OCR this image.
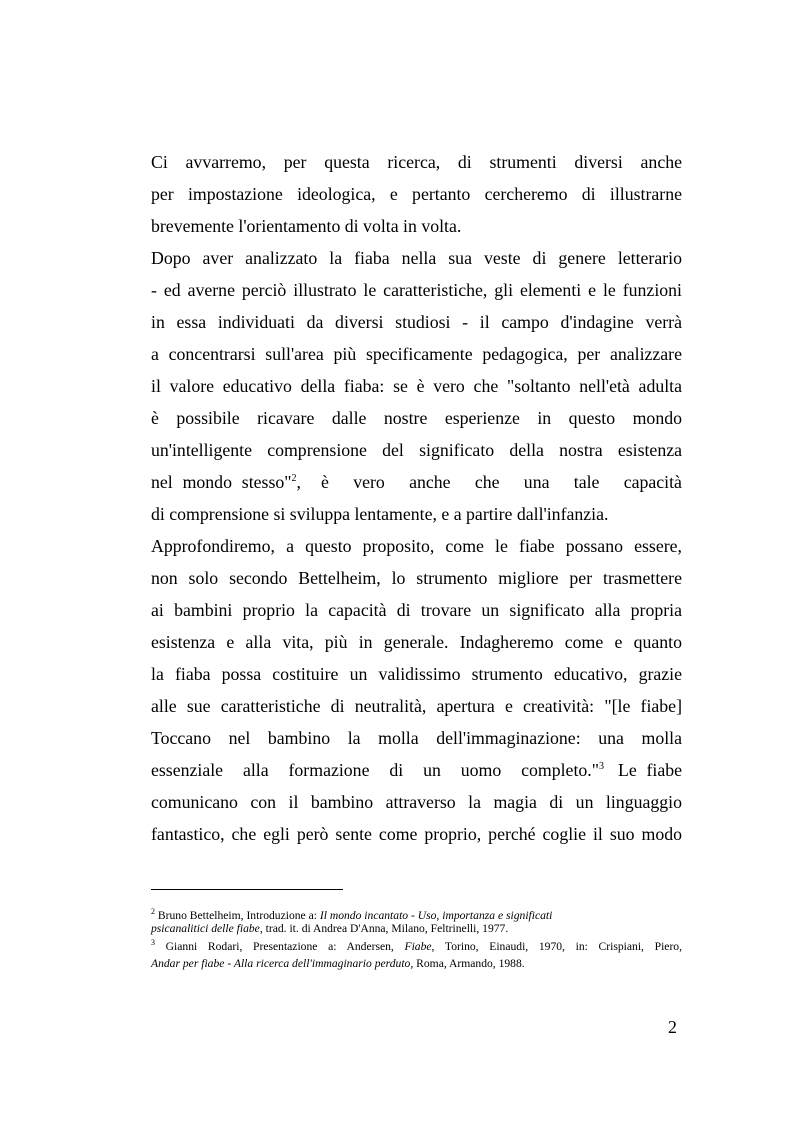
Ci avvarremo, per questa ricerca, di strumenti diversi anche
per impostazione ideologica, e pertanto cercheremo di illustrarne
brevemente l'orientamento di volta in volta.
Dopo aver analizzato la fiaba nella sua veste di genere letterario
- ed averne perciò illustrato le caratteristiche, gli elementi e le funzioni
in essa individuati da diversi studiosi - il campo d'indagine verrà
a concentrarsi sull'area più specificamente pedagogica, per analizzare
il valore educativo della fiaba: se è vero che "soltanto nell'età adulta
è possibile ricavare dalle nostre esperienze in questo mondo
un'intelligente comprensione del significato della nostra esistenza
nel mondo stesso"$^2$, è vero anche che una tale capacità
di comprensione si sviluppa lentamente, e a partire dall'infanzia.
Approfondiremo, a questo proposito, come le fiabe possano essere,
non solo secondo Bettelheim, lo strumento migliore per trasmettere
ai bambini proprio la capacità di trovare un significato alla propria
esistenza e alla vita, più in generale. Indagheremo come e quanto
la fiaba possa costituire un validissimo strumento educativo, grazie
alle sue caratteristiche di neutralità, apertura e creatività: "[le fiabe]
Toccano nel bambino la molla dell'immaginazione: una molla
essenziale alla formazione di un uomo completo."$^3$ Le fiabe
comunicano con il bambino attraverso la magia di un linguaggio
fantastico, che egli però sente come proprio, perché coglie il suo modo
$^2$ Bruno Bettelheim, Introduzione a: Il mondo incantato - Uso, importanza e significati
psicanalitici delle fiabe, trad. it. di Andrea D'Anna, Milano, Feltrinelli, 1977.
$^3$ Gianni Rodari, Presentazione a: Andersen, Fiabe, Torino, Einaudi, 1970, in: Crispiani, Piero,
Andar per fiabe - Alla ricerca dell'immaginario perduto, Roma, Armando, 1988.
2
